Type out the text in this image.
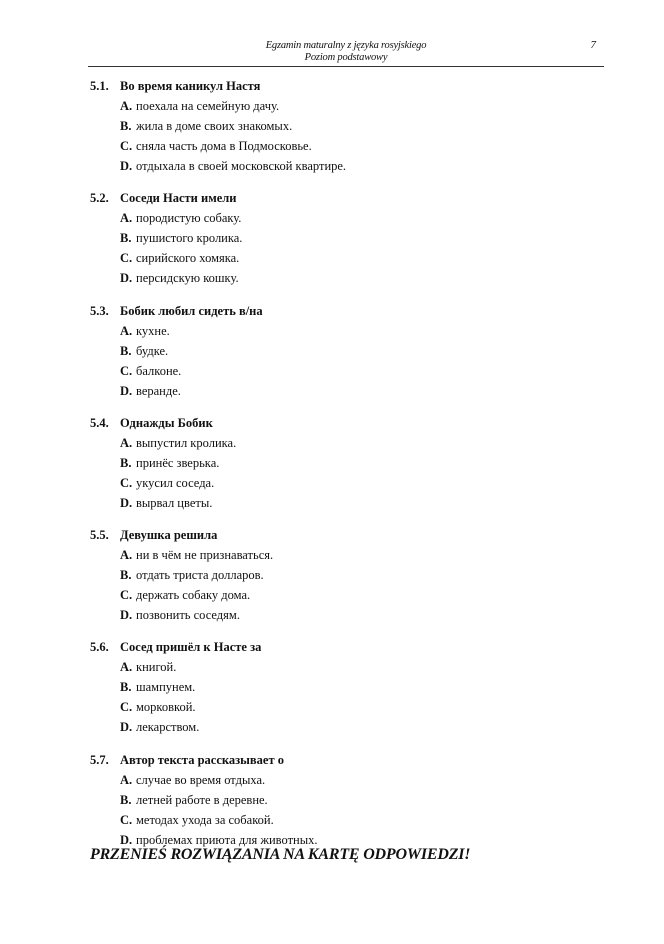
Egzamin maturalny z języka rosyjskiego
Poziom podstawowy
7
5.1. Во время каникул Настя
A. поехала на семейную дачу.
B. жила в доме своих знакомых.
C. сняла часть дома в Подмосковье.
D. отдыхала в своей московской квартире.
5.2. Соседи Насти имели
A. породистую собаку.
B. пушистого кролика.
C. сирийского хомяка.
D. персидскую кошку.
5.3. Бобик любил сидеть в/на
A. кухне.
B. будке.
C. балконе.
D. веранде.
5.4. Однажды Бобик
A. выпустил кролика.
B. принёс зверька.
C. укусил соседа.
D. вырвал цветы.
5.5. Девушка решила
A. ни в чём не признаваться.
B. отдать триста долларов.
C. держать собаку дома.
D. позвонить соседям.
5.6. Сосед пришёл к Насте за
A. книгой.
B. шампунем.
C. морковкой.
D. лекарством.
5.7. Автор текста рассказывает о
A. случае во время отдыха.
B. летней работе в деревне.
C. методах ухода за собакой.
D. проблемах приюта для животных.
PRZENIEŚ ROZWIĄZANIA NA KARTĘ ODPOWIEDZI!
